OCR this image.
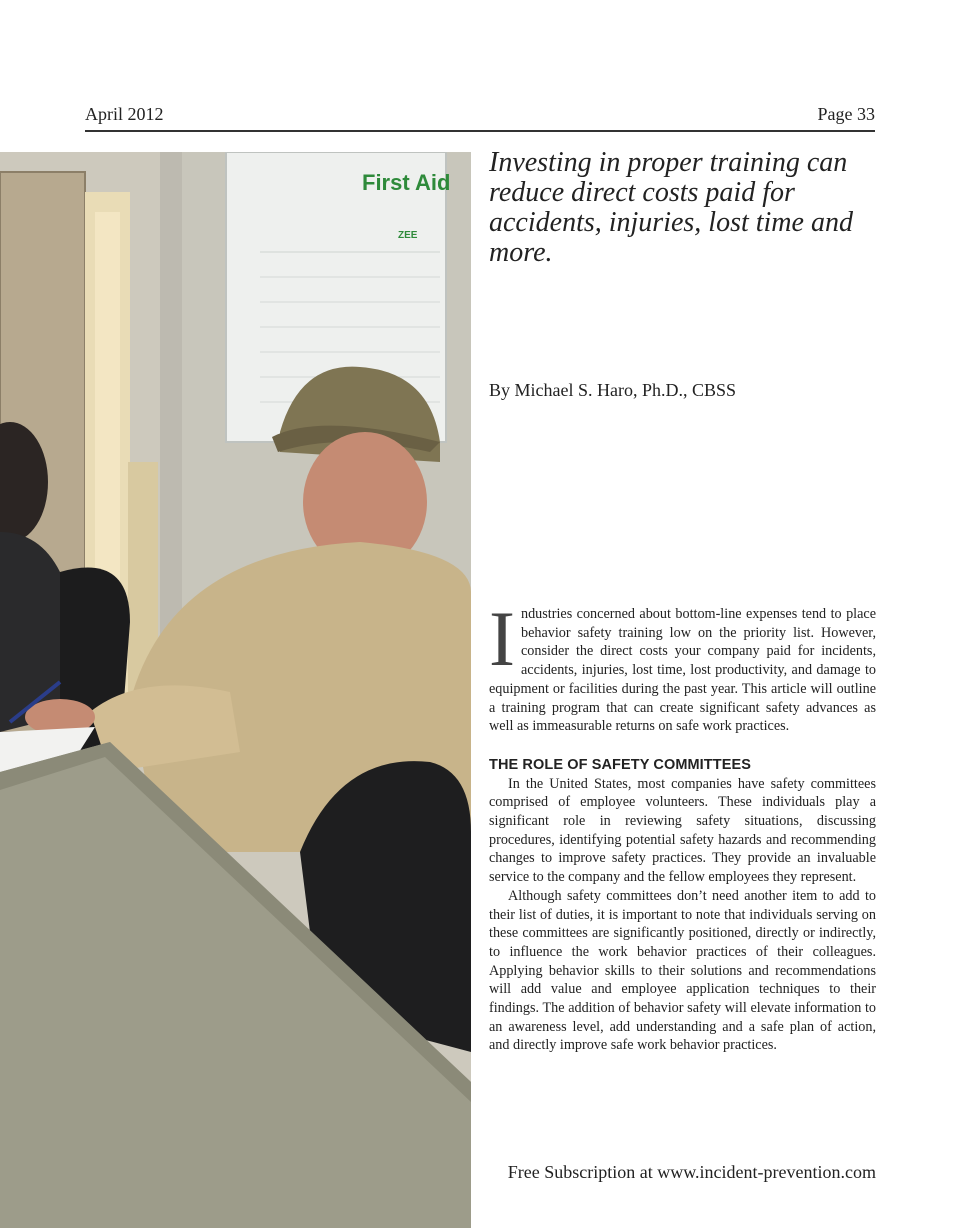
April 2012	Page 33
First Aid
ZEE
Investing in proper training can reduce direct costs paid for accidents, injuries, lost time and more.
By Michael S. Haro, Ph.D., CBSS

Industries concerned about bottom-line expenses tend to place behavior safety training low on the priority list. However, consider the direct costs your company paid for incidents, accidents, injuries, lost time, lost productivity, and damage to equipment or facilities during the past year. This article will outline a training program that can create significant safety advances as well as immeasurable returns on safe work practices.

THE ROLE OF SAFETY COMMITTEES

In the United States, most companies have safety committees comprised of employee volunteers. These individuals play a significant role in reviewing safety situations, discussing procedures, identifying potential safety hazards and recommending changes to improve safety practices. They provide an invaluable service to the company and the fellow employees they represent.

Although safety committees don’t need another item to add to their list of duties, it is important to note that individuals serving on these committees are significantly positioned, directly or indirectly, to influence the work behavior practices of their colleagues. Applying behavior skills to their solutions and recommendations will add value and employee application techniques to their findings. The addition of behavior safety will elevate information to an awareness level, add understanding and a safe plan of action, and directly improve safe work behavior practices.

Free Subscription at www.incident-prevention.com
